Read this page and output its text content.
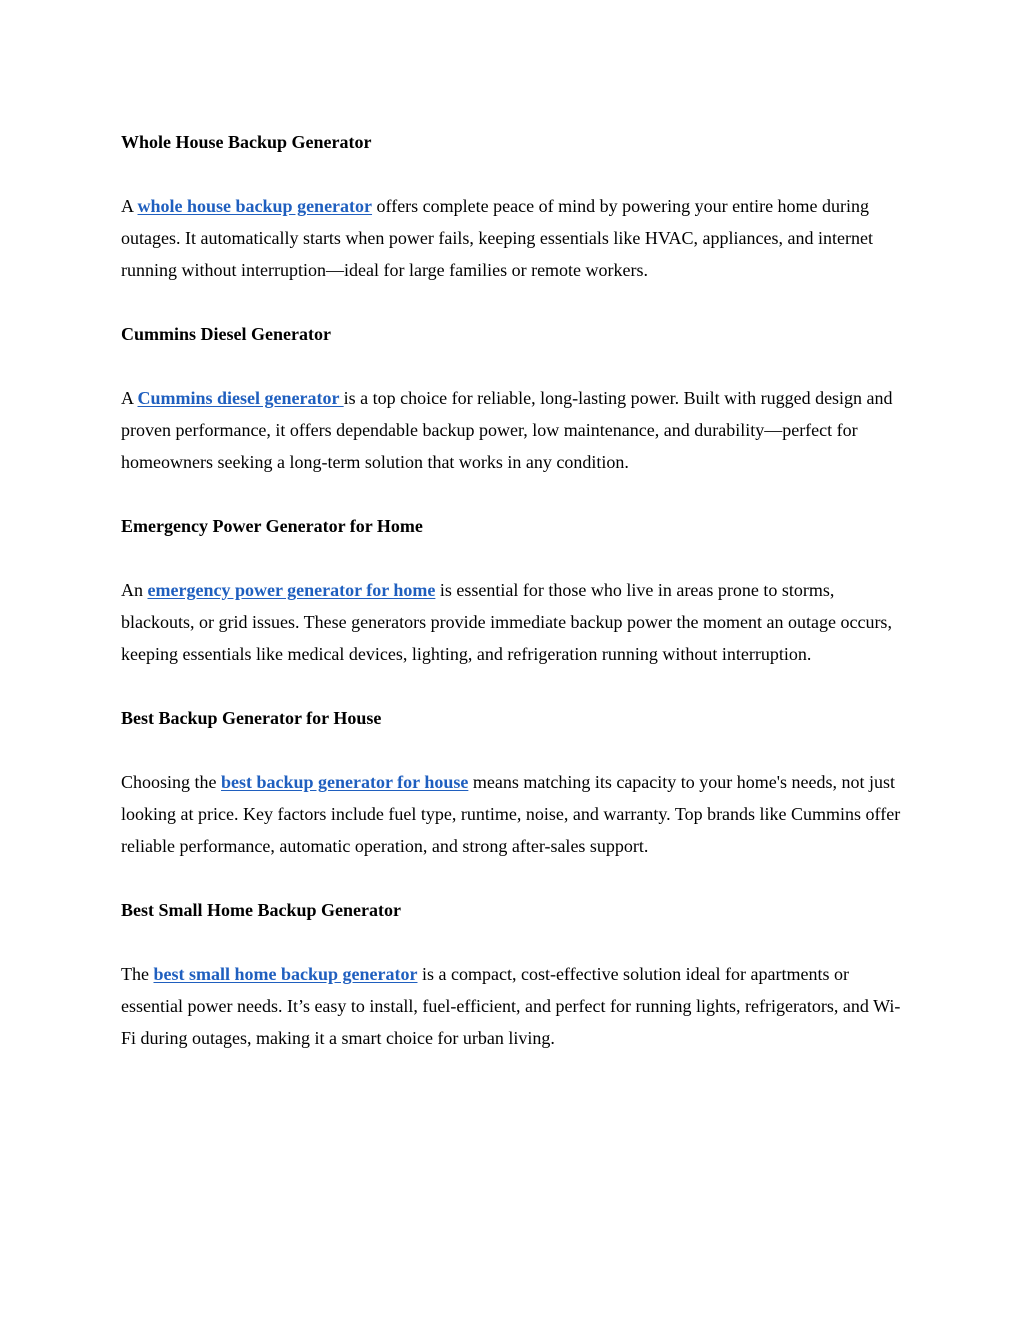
Whole House Backup Generator

A whole house backup generator offers complete peace of mind by powering your entire home during outages. It automatically starts when power fails, keeping essentials like HVAC, appliances, and internet running without interruption—ideal for large families or remote workers.

Cummins Diesel Generator

A Cummins diesel generator is a top choice for reliable, long-lasting power. Built with rugged design and proven performance, it offers dependable backup power, low maintenance, and durability—perfect for homeowners seeking a long-term solution that works in any condition.

Emergency Power Generator for Home

An emergency power generator for home is essential for those who live in areas prone to storms, blackouts, or grid issues. These generators provide immediate backup power the moment an outage occurs, keeping essentials like medical devices, lighting, and refrigeration running without interruption.

Best Backup Generator for House

Choosing the best backup generator for house means matching its capacity to your home's needs, not just looking at price. Key factors include fuel type, runtime, noise, and warranty. Top brands like Cummins offer reliable performance, automatic operation, and strong after-sales support.

Best Small Home Backup Generator

The best small home backup generator is a compact, cost-effective solution ideal for apartments or essential power needs. It’s easy to install, fuel-efficient, and perfect for running lights, refrigerators, and Wi-Fi during outages, making it a smart choice for urban living.
